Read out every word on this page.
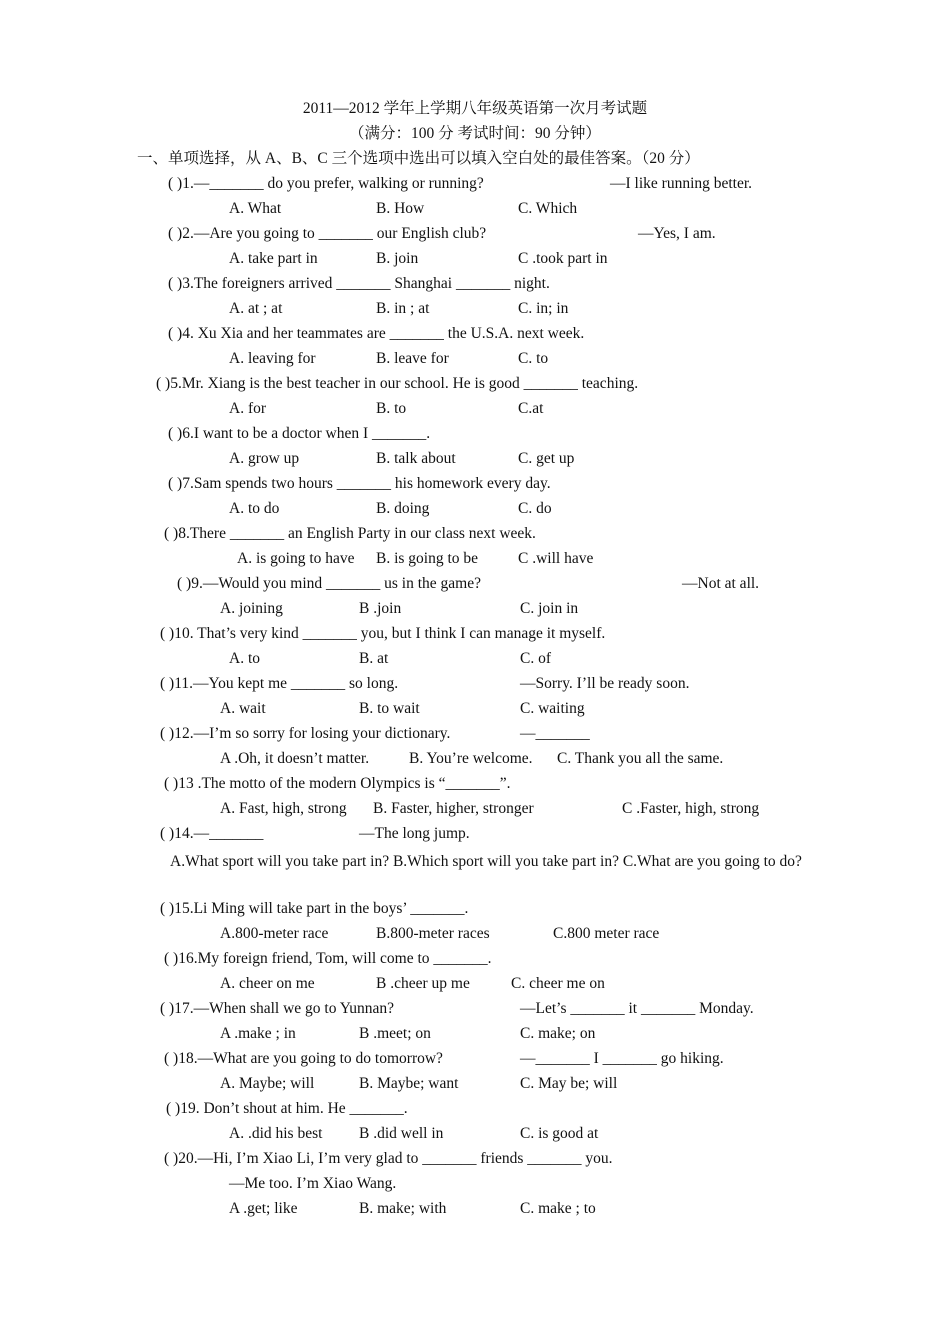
2011—2012 学年上学期八年级英语第一次月考试题
（满分：100 分 考试时间：90 分钟）
一、单项选择，从 A、B、C 三个选项中选出可以填入空白处的最佳答案。（20 分）
( )1.—_______ do you prefer, walking or running?	—I like running better.
A. What	B. How	C. Which
( )2.—Are you going to _______ our English club?	—Yes, I am.
A. take part in	B. join	C .took part in
( )3.The foreigners arrived _______ Shanghai _______ night.
A. at ; at	B. in ; at	C. in; in
( )4. Xu Xia and her teammates are _______ the U.S.A. next week.
A. leaving for	B. leave for	C. to
( )5.Mr. Xiang is the best teacher in our school. He is good _______ teaching.
A. for	B. to	C.at
( )6.I want to be a doctor when I _______.
A. grow up	B. talk about	C. get up
( )7.Sam spends two hours _______ his homework every day.
A. to do	B. doing	C. do
( )8.There _______ an English Party in our class next week.
A. is going to have B. is going to be	C .will have
( )9.—Would you mind _______ us in the game?	—Not at all.
A. joining	B .join	C. join in
( )10. That’s very kind _______ you, but I think I can manage it myself.
A. to	B. at	C. of
( )11.—You kept me _______ so long.	—Sorry. I’ll be ready soon.
A. wait	B. to wait	C. waiting
( )12.—I’m so sorry for losing your dictionary.	—_______
A .Oh, it doesn’t matter.	B. You’re welcome. C. Thank you all the same.
( )13 .The motto of the modern Olympics is “_______”.
A. Fast, high, strong B. Faster, higher, stronger	C .Faster, high, strong
( )14.—_______	—The long jump.
A.What sport will you take part in? B.Which sport will you take part in? C.What are you going to do?
( )15.Li Ming will take part in the boys’ _______.
A.800-meter race	B.800-meter races	C.800 meter race
( )16.My foreign friend, Tom, will come to _______.
A. cheer on me	B .cheer up me	C. cheer me on
( )17.—When shall we go to Yunnan?	—Let’s _______ it _______ Monday.
A .make ; in	B .meet; on	C. make; on
( )18.—What are you going to do tomorrow?	—_______ I _______ go hiking.
A. Maybe; will	B. Maybe; want	C. May be; will
( )19. Don’t shout at him. He _______.
A. .did his best B .did well in	C. is good at
( )20.—Hi, I’m Xiao Li, I’m very glad to _______ friends _______ you.
—Me too. I’m Xiao Wang.
A .get; like	B. make; with	C. make ; to
